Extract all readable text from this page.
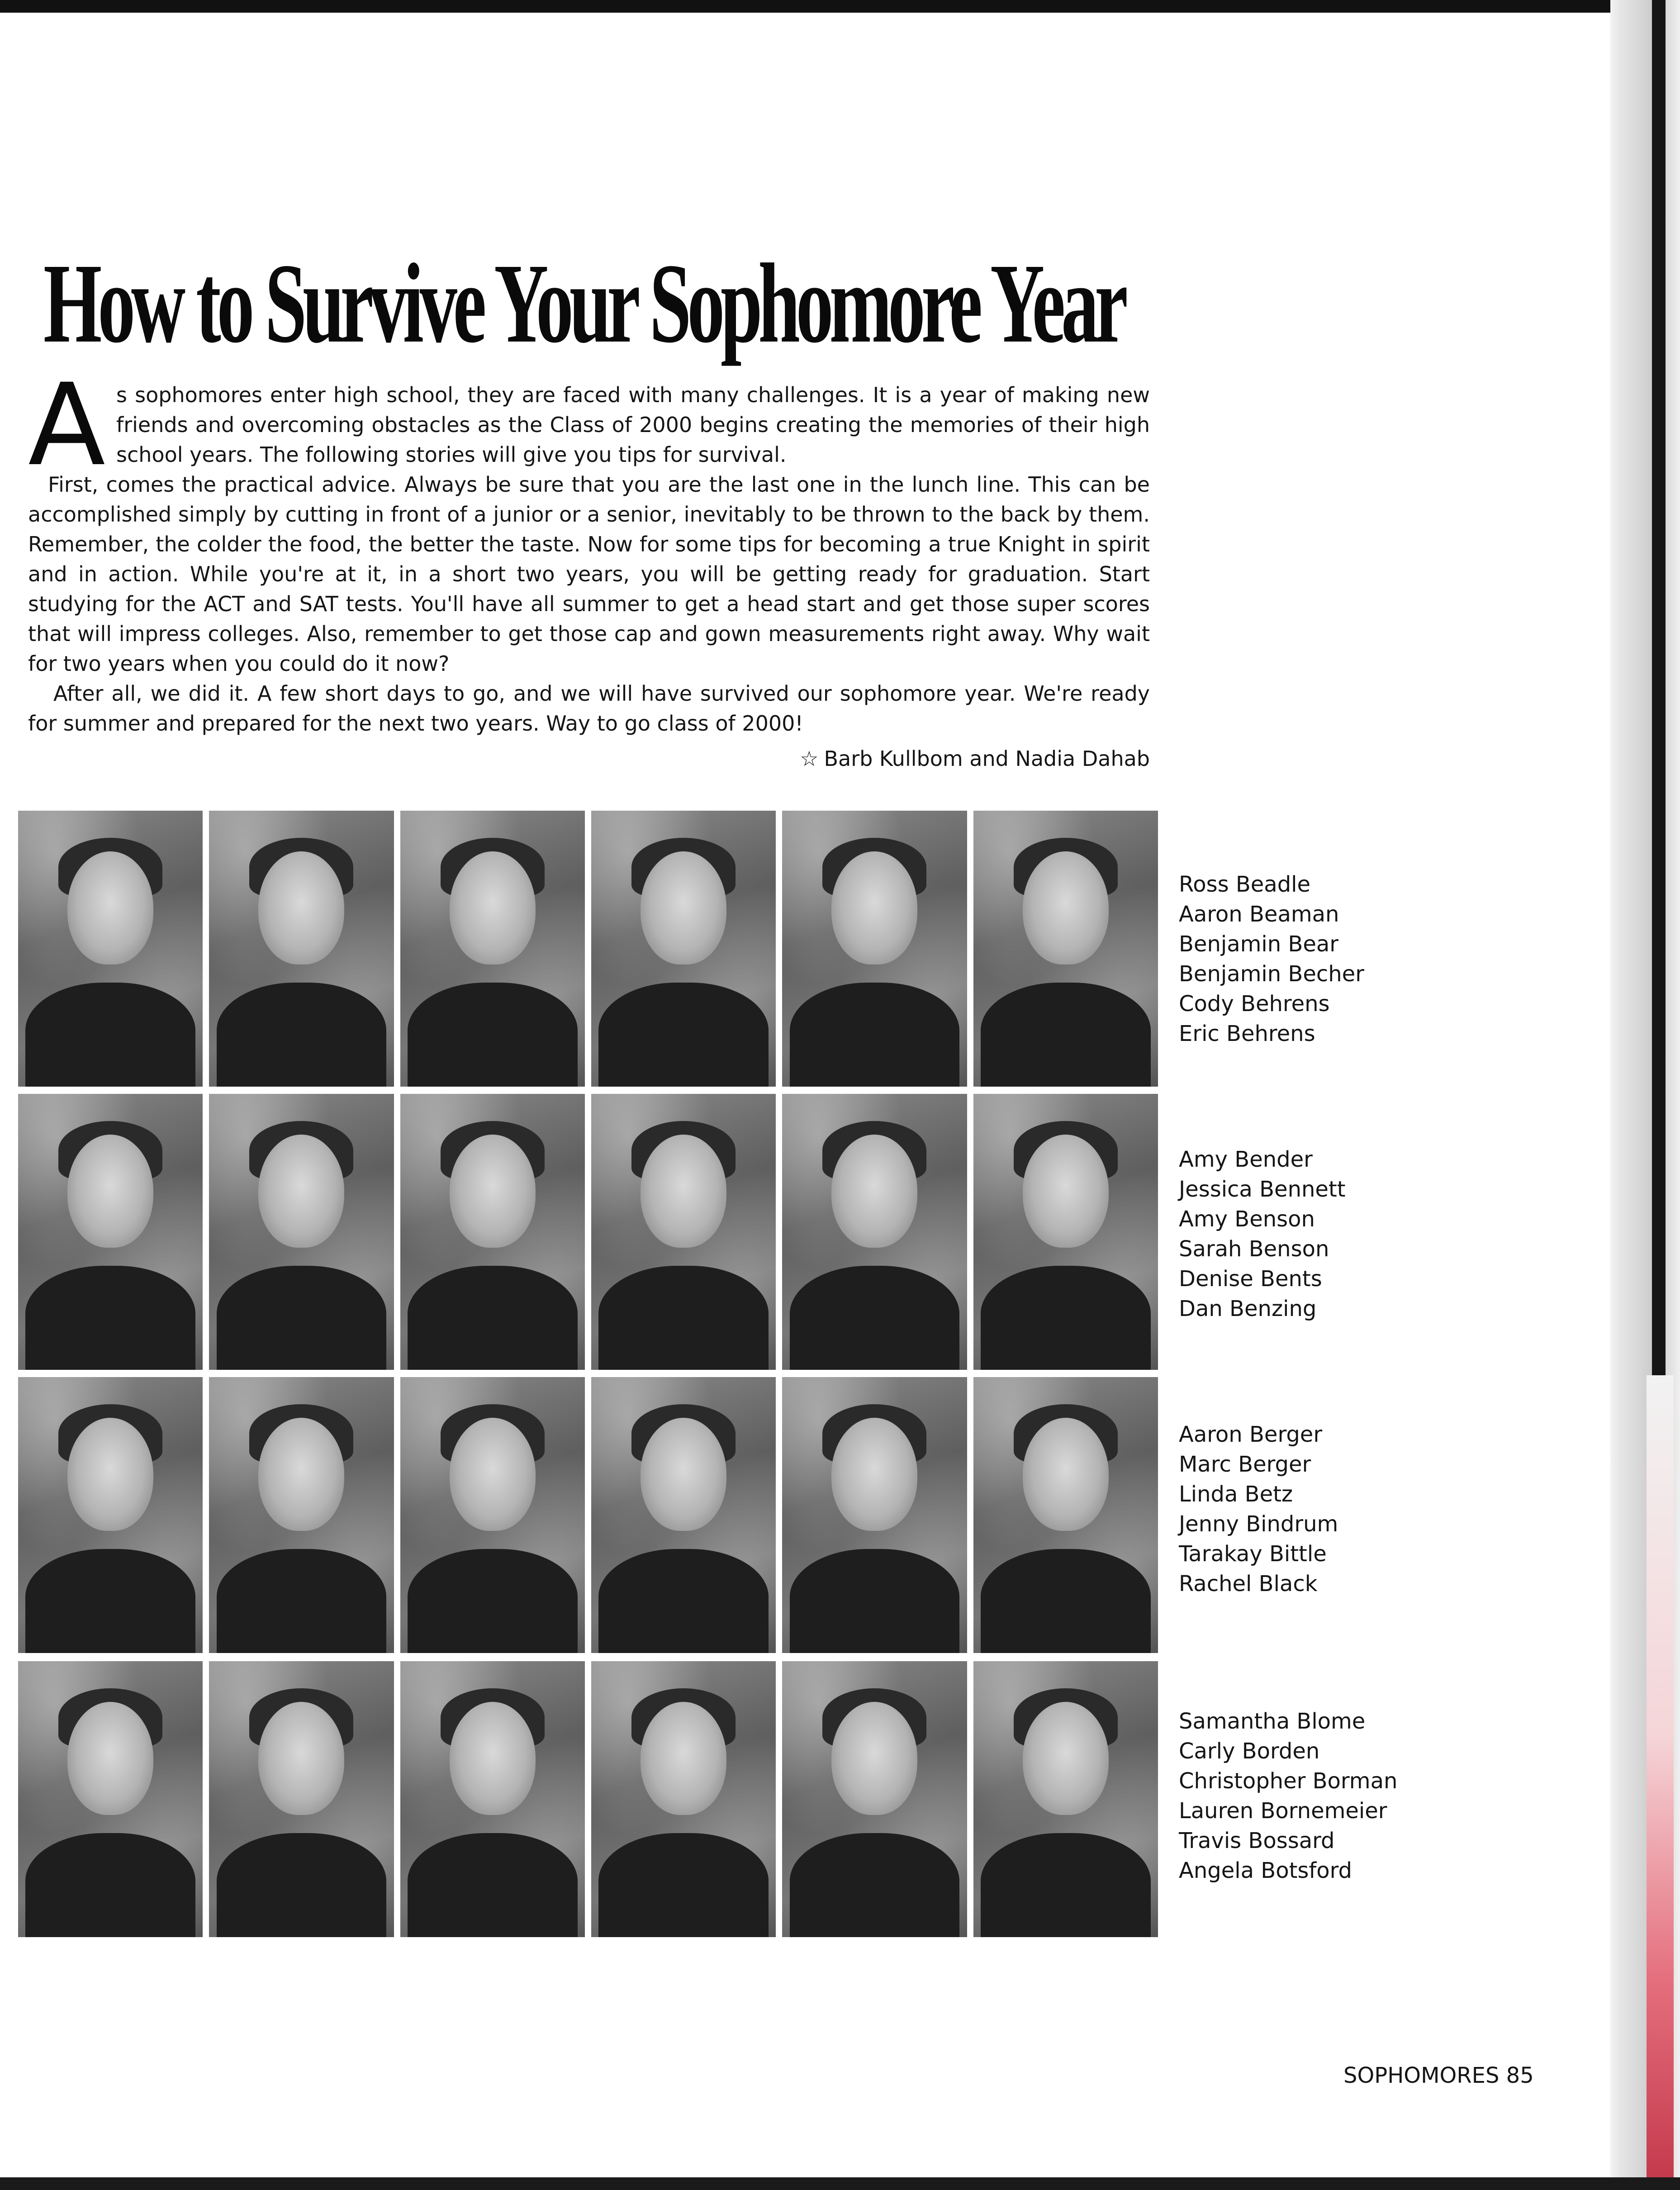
How to Survive Your Sophomore Year

As sophomores enter high school, they are faced with many challenges. It is a year of making new friends and overcoming obstacles as the Class of 2000 begins creating the memories of their high school years. The following stories will give you tips for survival.

First, comes the practical advice. Always be sure that you are the last one in the lunch line. This can be accomplished simply by cutting in front of a junior or a senior, inevitably to be thrown to the back by them. Remember, the colder the food, the better the taste. Now for some tips for becoming a true Knight in spirit and in action. While you're at it, in a short two years, you will be getting ready for graduation. Start studying for the ACT and SAT tests. You'll have all summer to get a head start and get those super scores that will impress colleges. Also, remember to get those cap and gown measurements right away. Why wait for two years when you could do it now?

After all, we did it. A few short days to go, and we will have survived our sophomore year. We're ready for summer and prepared for the next two years. Way to go class of 2000!

☆ Barb Kullbom and Nadia Dahab

Ross Beadle
Aaron Beaman
Benjamin Bear
Benjamin Becher
Cody Behrens
Eric Behrens
Amy Bender
Jessica Bennett
Amy Benson
Sarah Benson
Denise Bents
Dan Benzing
Aaron Berger
Marc Berger
Linda Betz
Jenny Bindrum
Tarakay Bittle
Rachel Black
Samantha Blome
Carly Borden
Christopher Borman
Lauren Bornemeier
Travis Bossard
Angela Botsford
SOPHOMORES 85
